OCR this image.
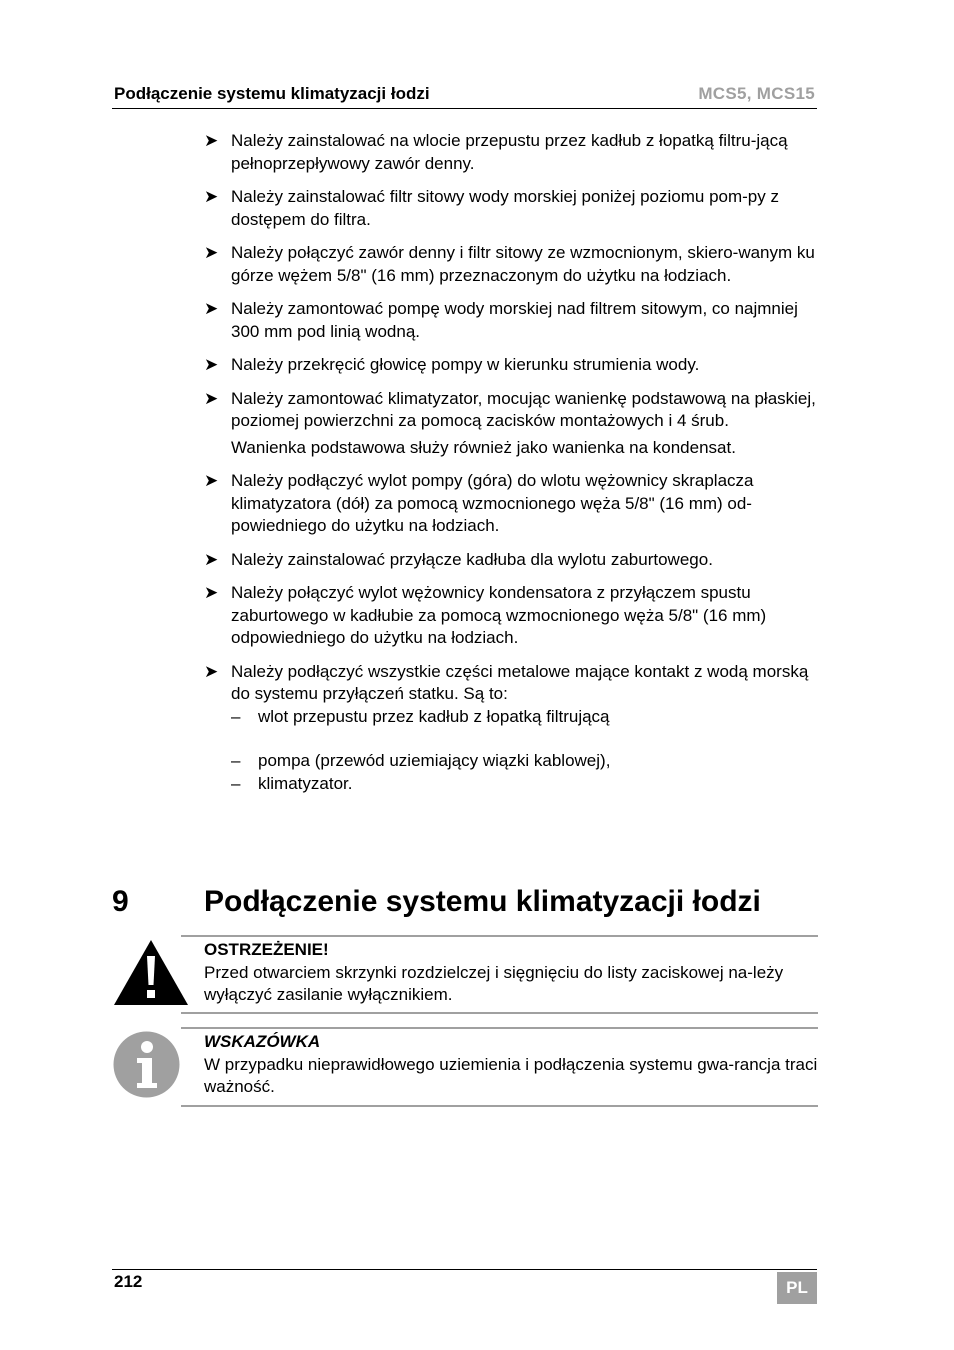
Podłączenie systemu klimatyzacji łodzi	MCS5, MCS15
➤ Należy zainstalować na wlocie przepustu przez kadłub z łopatką filtru-jącą pełnoprzepływowy zawór denny.
➤ Należy zainstalować filtr sitowy wody morskiej poniżej poziomu pom-py z dostępem do filtra.
➤ Należy połączyć zawór denny i filtr sitowy ze wzmocnionym, skiero-wanym ku górze wężem 5/8" (16 mm) przeznaczonym do użytku na łodziach.
➤ Należy zamontować pompę wody morskiej nad filtrem sitowym, co najmniej 300 mm pod linią wodną.
➤ Należy przekręcić głowicę pompy w kierunku strumienia wody.
➤ Należy zamontować klimatyzator, mocując wanienkę podstawową na płaskiej, poziomej powierzchni za pomocą zacisków montażowych i 4 śrub.
Wanienka podstawowa służy również jako wanienka na kondensat.
➤ Należy podłączyć wylot pompy (góra) do wlotu wężownicy skraplacza klimatyzatora (dół) za pomocą wzmocnionego węża 5/8" (16 mm) od-powiedniego do użytku na łodziach.
➤ Należy zainstalować przyłącze kadłuba dla wylotu zaburtowego.
➤ Należy połączyć wylot wężownicy kondensatora z przyłączem spustu zaburtowego w kadłubie za pomocą wzmocnionego węża 5/8" (16 mm) odpowiedniego do użytku na łodziach.
➤ Należy podłączyć wszystkie części metalowe mające kontakt z wodą morską do systemu przyłączeń statku. Są to:
– wlot przepustu przez kadłub z łopatką filtrującą
– pompa (przewód uziemiający wiązki kablowej),
– klimatyzator.
9	Podłączenie systemu klimatyzacji łodzi
OSTRZEŻENIE!
Przed otwarciem skrzynki rozdzielczej i sięgnięciu do listy zaciskowej na-leży wyłączyć zasilanie wyłącznikiem.
WSKAZÓWKA
W przypadku nieprawidłowego uziemienia i podłączenia systemu gwa-rancja traci ważność.
212	PL
